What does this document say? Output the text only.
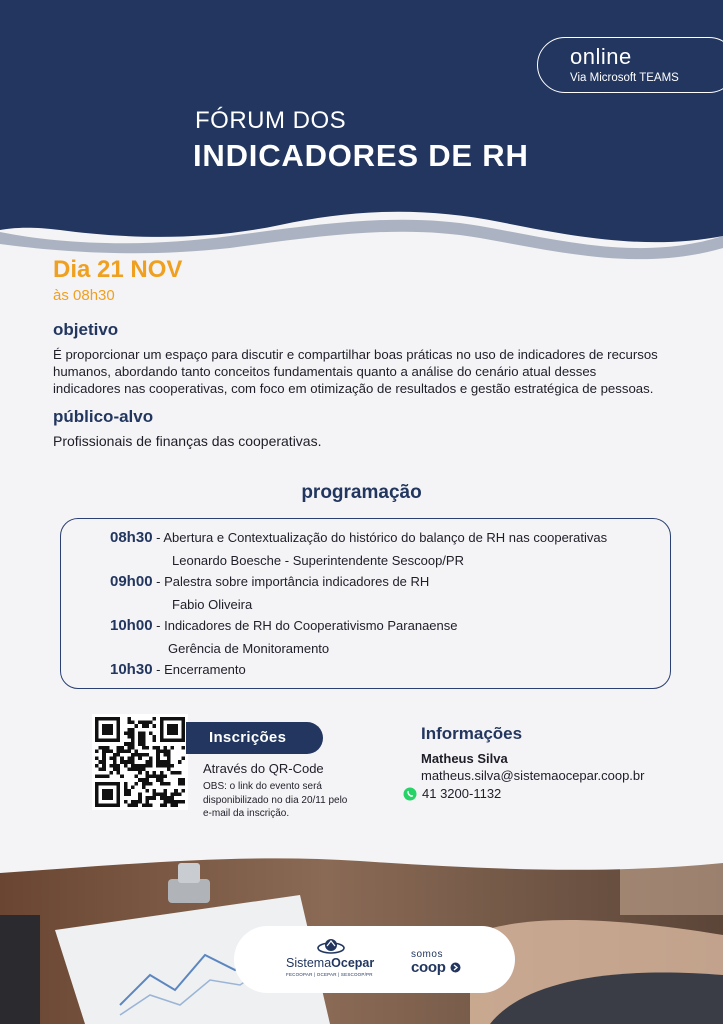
online
Via Microsoft TEAMS
FÓRUM DOS
INDICADORES DE RH
Dia 21 NOV
às 08h30
objetivo
É proporcionar um espaço para discutir e compartilhar boas práticas no uso de indicadores de recursos
humanos, abordando tanto conceitos fundamentais quanto a análise do cenário atual desses
indicadores nas cooperativas, com foco em otimização de resultados e gestão estratégica de pessoas.
público-alvo
Profissionais de finanças das cooperativas.
programação
08h30 - Abertura e Contextualização do histórico do balanço de RH nas cooperativas
Leonardo Boesche - Superintendente Sescoop/PR
09h00 - Palestra sobre importância indicadores de RH
Fabio Oliveira
10h00 - Indicadores de RH do Cooperativismo Paranaense
Gerência de Monitoramento
10h30 - Encerramento
Inscrições
Através do QR-Code
OBS: o link do evento será
disponibilizado no dia 20/11 pelo
e-mail da inscrição.
Informações
Matheus Silva
matheus.silva@sistemaocepar.coop.br
41 3200-1132
SistemaOcepar
FECOOPAR | OCEPAR | SESCOOP/PR
somos
coop
